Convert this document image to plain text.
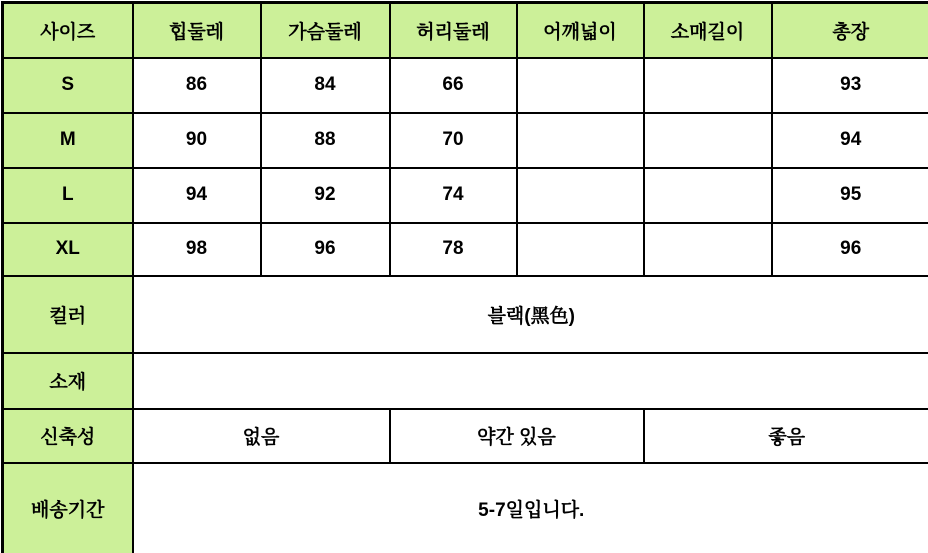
사이즈	힙둘레	가슴둘레	허리둘레	어깨넓이	소매길이	총장
S	86	84	66			93
M	90	88	70			94
L	94	92	74			95
XL	98	96	78			96
컬러	블랙(黑色)					
소재						
신축성	없음		약간 있음		좋음	
배송기간	5-7일입니다.					
